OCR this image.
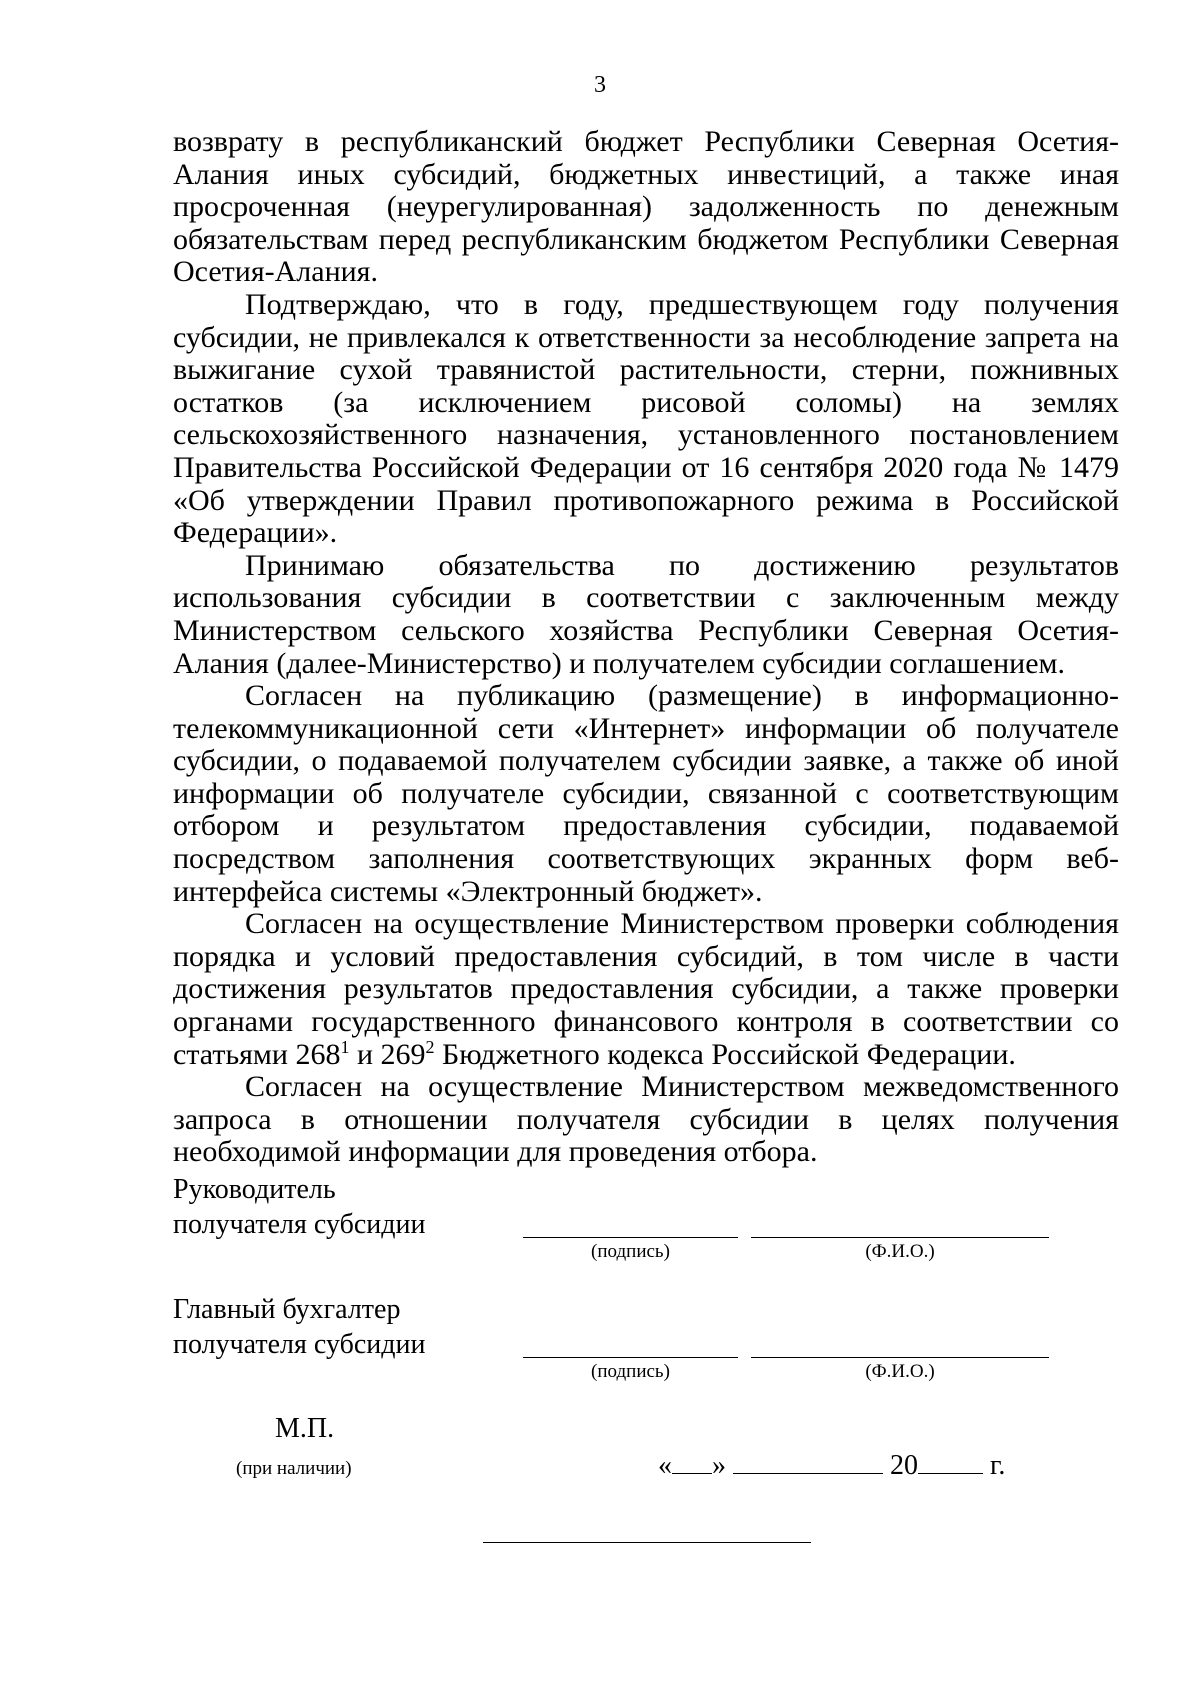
3

возврату в республиканский бюджет Республики Северная Осетия-Алания иных субсидий, бюджетных инвестиций, а также иная просроченная (неурегулированная) задолженность по денежным обязательствам перед республиканским бюджетом Республики Северная Осетия-Алания.

Подтверждаю, что в году, предшествующем году получения субсидии, не привлекался к ответственности за несоблюдение запрета на выжигание сухой травянистой растительности, стерни, пожнивных остатков (за исключением рисовой соломы) на землях сельскохозяйственного назначения, установленного постановлением Правительства Российской Федерации от 16 сентября 2020 года № 1479 «Об утверждении Правил противопожарного режима в Российской Федерации».

Принимаю обязательства по достижению результатов использования субсидии в соответствии с заключенным между Министерством сельского хозяйства Республики Северная Осетия-Алания (далее-Министерство) и получателем субсидии соглашением.

Согласен на публикацию (размещение) в информационно-телекоммуникационной сети «Интернет» информации об получателе субсидии, о подаваемой получателем субсидии заявке, а также об иной информации об получателе субсидии, связанной с соответствующим отбором и результатом предоставления субсидии, подаваемой посредством заполнения соответствующих экранных форм веб-интерфейса системы «Электронный бюджет».

Согласен на осуществление Министерством проверки соблюдения порядка и условий предоставления субсидий, в том числе в части достижения результатов предоставления субсидии, а также проверки органами государственного финансового контроля в соответствии со статьями $268^1$ и $269^2$ Бюджетного кодекса Российской Федерации.

Согласен на осуществление Министерством межведомственного запроса в отношении получателя субсидии в целях получения необходимой информации для проведения отбора.

Руководитель
получателя субсидии
(подпись)	(Ф.И.О.)
Главный бухгалтер
получателя субсидии
(подпись)	(Ф.И.О.)
М.П.
(при наличии)	« »	20	г.
